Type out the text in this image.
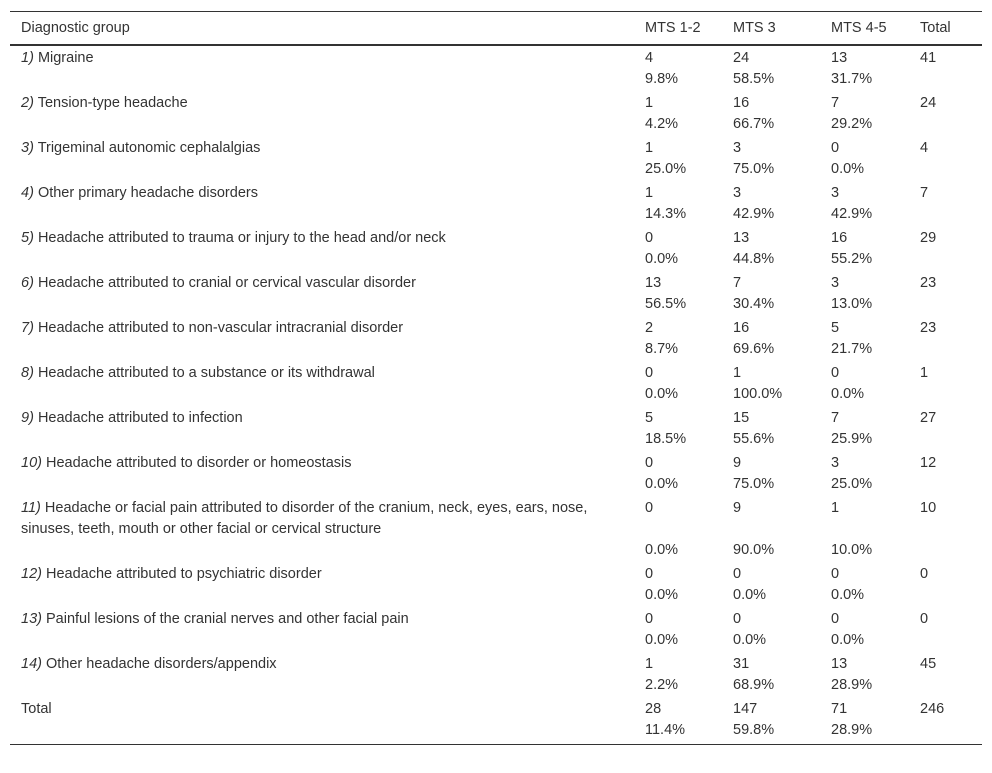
Diagnostic group	MTS 1-2	MTS 3	MTS 4-5	Total
1) Migraine	4	24	13	41
	9.8%	58.5%	31.7%	
2) Tension-type headache	1	16	7	24
	4.2%	66.7%	29.2%	
3) Trigeminal autonomic cephalalgias	1	3	0	4
	25.0%	75.0%	0.0%	
4) Other primary headache disorders	1	3	3	7
	14.3%	42.9%	42.9%	
5) Headache attributed to trauma or injury to the head and/or neck	0	13	16	29
	0.0%	44.8%	55.2%	
6) Headache attributed to cranial or cervical vascular disorder	13	7	3	23
	56.5%	30.4%	13.0%	
7) Headache attributed to non-vascular intracranial disorder	2	16	5	23
	8.7%	69.6%	21.7%	
8) Headache attributed to a substance or its withdrawal	0	1	0	1
	0.0%	100.0%	0.0%	
9) Headache attributed to infection	5	15	7	27
	18.5%	55.6%	25.9%	
10) Headache attributed to disorder or homeostasis	0	9	3	12
	0.0%	75.0%	25.0%	
11) Headache or facial pain attributed to disorder of the cranium, neck, eyes, ears, nose, sinuses, teeth, mouth or other facial or cervical structure	0	9	1	10
	0.0%	90.0%	10.0%	
12) Headache attributed to psychiatric disorder	0	0	0	0
	0.0%	0.0%	0.0%	
13) Painful lesions of the cranial nerves and other facial pain	0	0	0	0
	0.0%	0.0%	0.0%	
14) Other headache disorders/appendix	1	31	13	45
	2.2%	68.9%	28.9%	
Total	28	147	71	246
	11.4%	59.8%	28.9%	
